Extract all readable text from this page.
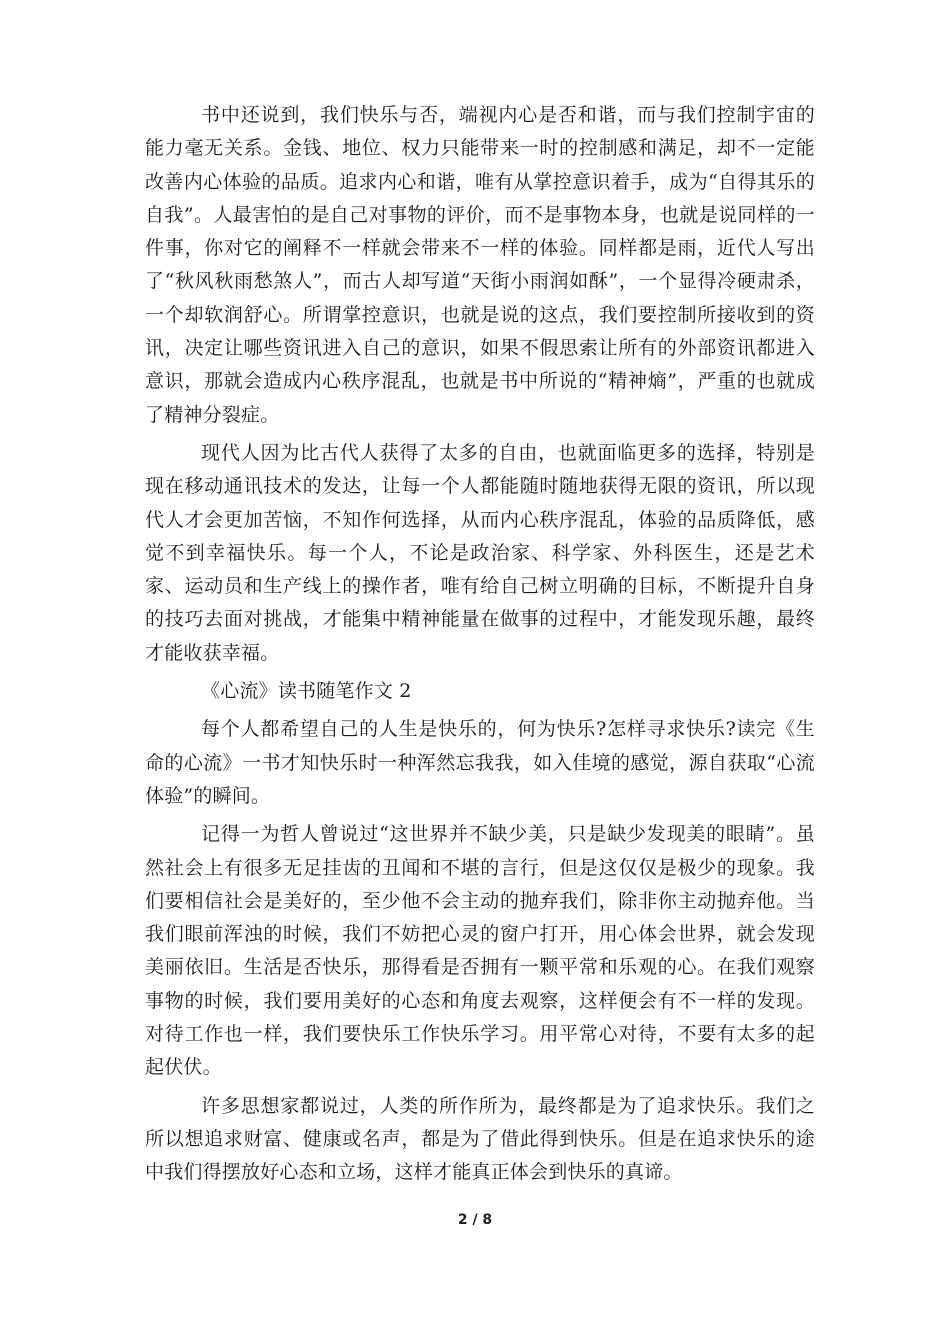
书中还说到，我们快乐与否，端视内心是否和谐，而与我们控制宇宙的能力毫无关系。金钱、地位、权力只能带来一时的控制感和满足，却不一定能改善内心体验的品质。追求内心和谐，唯有从掌控意识着手，成为“自得其乐的自我”。人最害怕的是自己对事物的评价，而不是事物本身，也就是说同样的一件事，你对它的阐释不一样就会带来不一样的体验。同样都是雨，近代人写出了“秋风秋雨愁煞人”，而古人却写道“天街小雨润如酥”，一个显得冷硬肃杀，一个却软润舒心。所谓掌控意识，也就是说的这点，我们要控制所接收到的资讯，决定让哪些资讯进入自己的意识，如果不假思索让所有的外部资讯都进入意识，那就会造成内心秩序混乱，也就是书中所说的“精神熵”，严重的也就成了精神分裂症。

现代人因为比古代人获得了太多的自由，也就面临更多的选择，特别是现在移动通讯技术的发达，让每一个人都能随时随地获得无限的资讯，所以现代人才会更加苦恼，不知作何选择，从而内心秩序混乱，体验的品质降低，感觉不到幸福快乐。每一个人，不论是政治家、科学家、外科医生，还是艺术家、运动员和生产线上的操作者，唯有给自己树立明确的目标，不断提升自身的技巧去面对挑战，才能集中精神能量在做事的过程中，才能发现乐趣，最终才能收获幸福。

《心流》读书随笔作文 2

每个人都希望自己的人生是快乐的，何为快乐?怎样寻求快乐?读完《生命的心流》一书才知快乐时一种浑然忘我我，如入佳境的感觉，源自获取“心流体验”的瞬间。

记得一为哲人曾说过“这世界并不缺少美，只是缺少发现美的眼睛”。虽然社会上有很多无足挂齿的丑闻和不堪的言行，但是这仅仅是极少的现象。我们要相信社会是美好的，至少他不会主动的抛弃我们，除非你主动抛弃他。当我们眼前浑浊的时候，我们不妨把心灵的窗户打开，用心体会世界，就会发现美丽依旧。生活是否快乐，那得看是否拥有一颗平常和乐观的心。在我们观察事物的时候，我们要用美好的心态和角度去观察，这样便会有不一样的发现。对待工作也一样，我们要快乐工作快乐学习。用平常心对待，不要有太多的起起伏伏。

许多思想家都说过，人类的所作所为，最终都是为了追求快乐。我们之所以想追求财富、健康或名声，都是为了借此得到快乐。但是在追求快乐的途中我们得摆放好心态和立场，这样才能真正体会到快乐的真谛。

2 / 8
